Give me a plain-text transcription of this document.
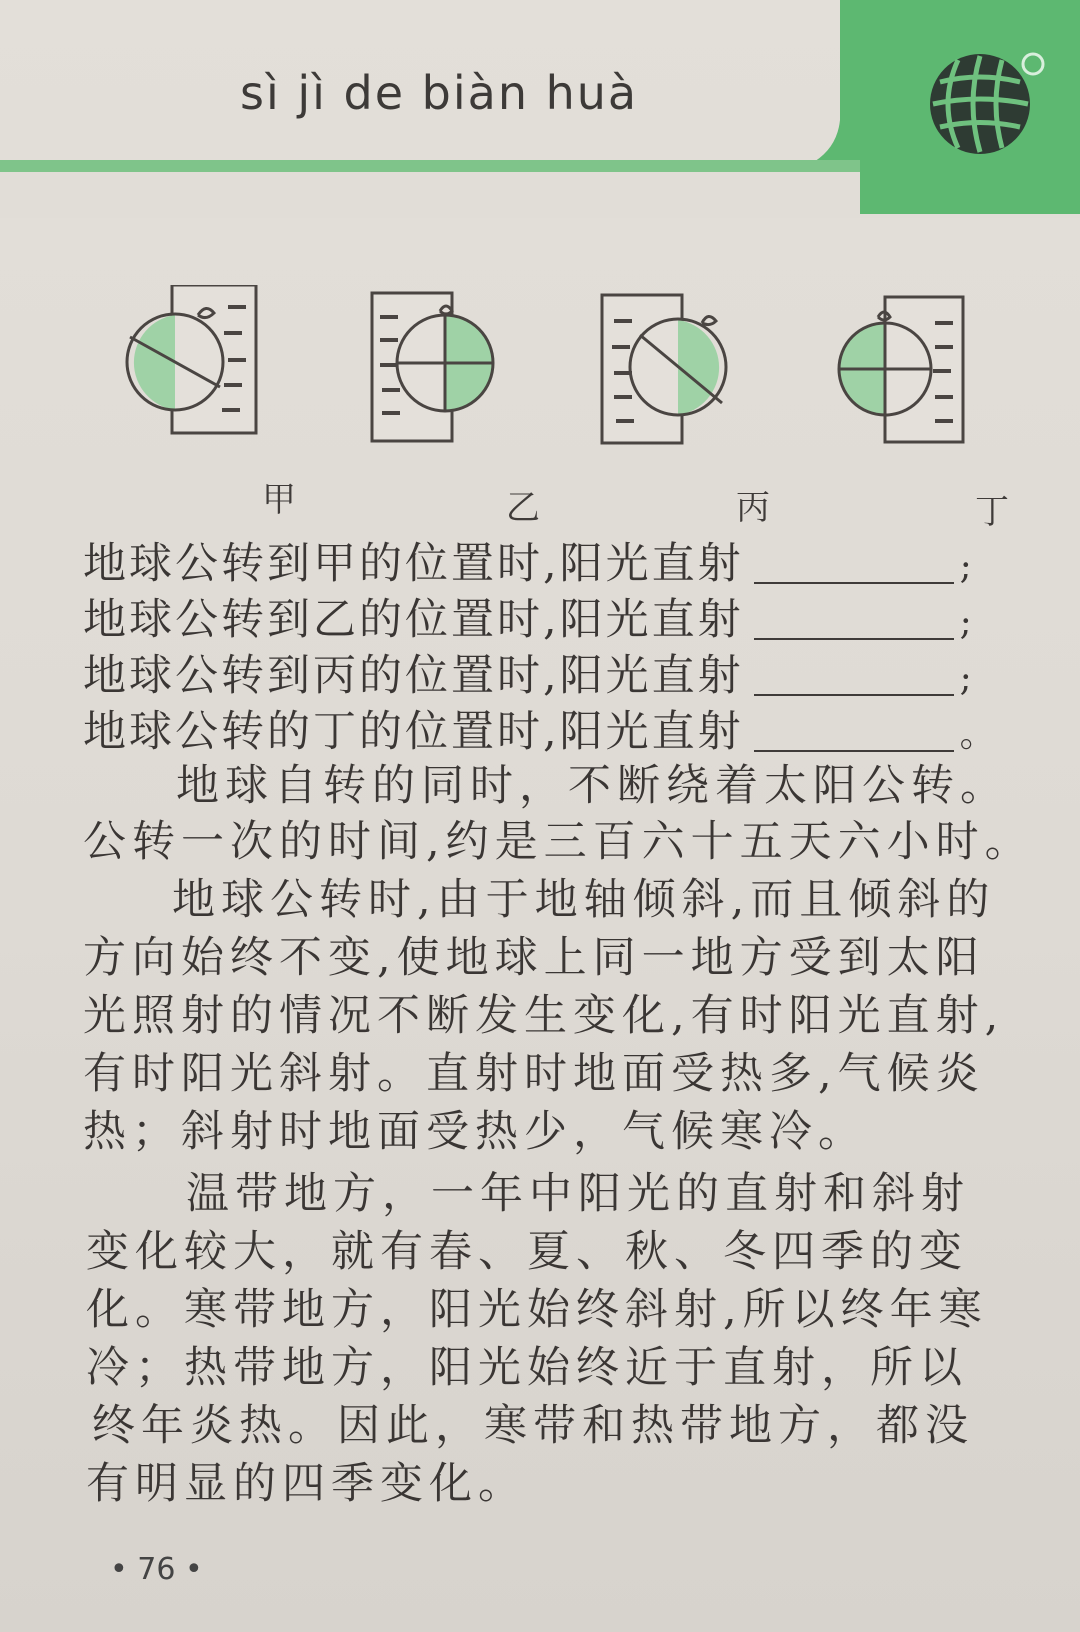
sì jì de biàn huà
甲	乙	丙	丁
地球公转到甲的位置时,阳光直射	;
地球公转到乙的位置时,阳光直射	;
地球公转到丙的位置时,阳光直射	;
地球公转的丁的位置时,阳光直射	。
地球自转的同时，不断绕着太阳公转。
公转一次的时间,约是三百六十五天六小时。
地球公转时,由于地轴倾斜,而且倾斜的
方向始终不变,使地球上同一地方受到太阳
光照射的情况不断发生变化,有时阳光直射,
有时阳光斜射。直射时地面受热多,气候炎
热；斜射时地面受热少，气候寒冷。
温带地方，一年中阳光的直射和斜射
变化较大，就有春、夏、秋、冬四季的变
化。寒带地方，阳光始终斜射,所以终年寒
冷；热带地方，阳光始终近于直射，所以
终年炎热。因此，寒带和热带地方，都没
有明显的四季变化。
• 76 •
